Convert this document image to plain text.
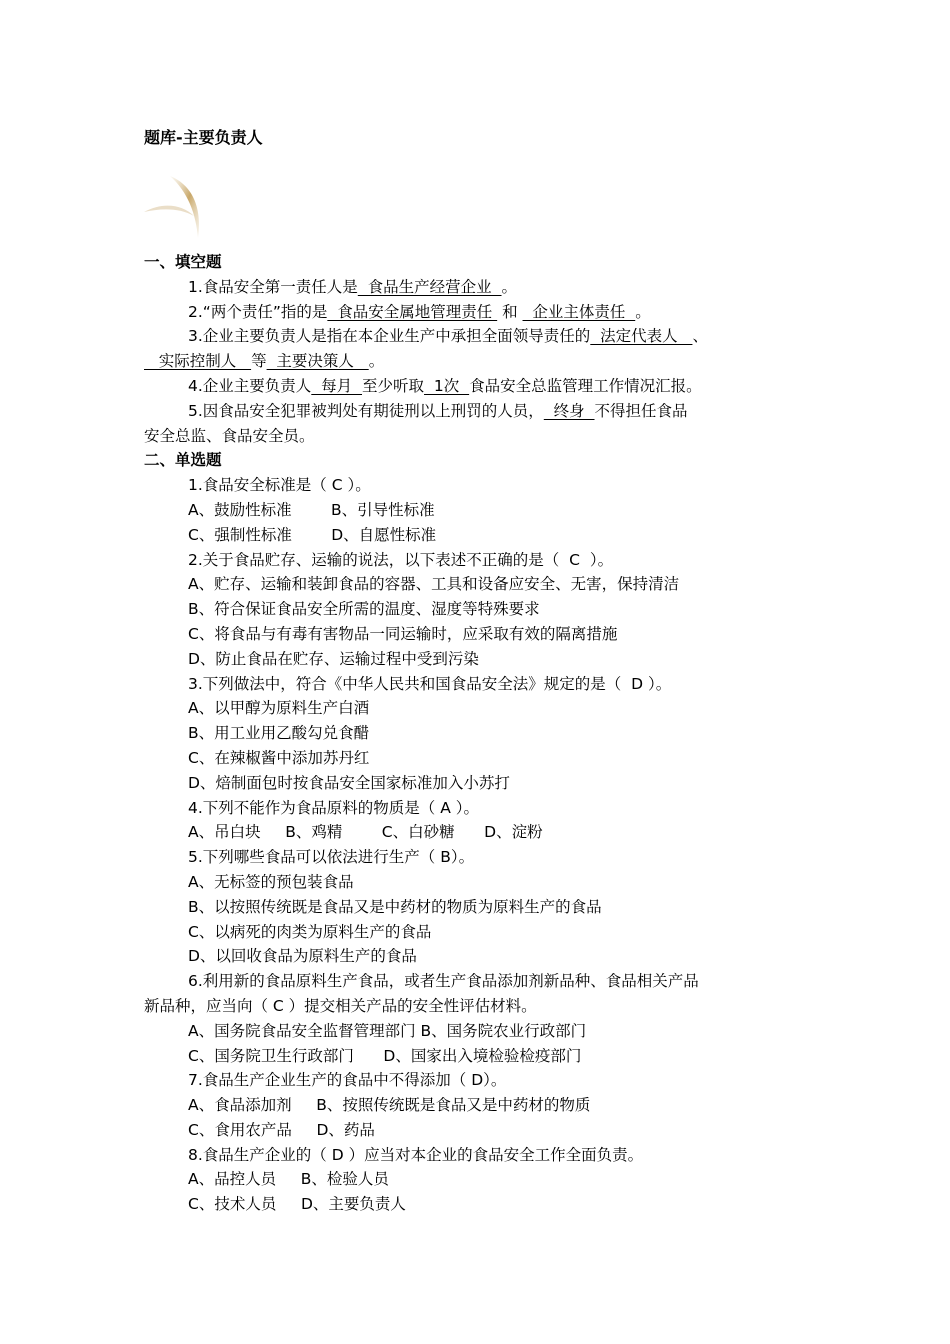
题库-主要负责人
一、填空题
1.食品安全第一责任人是  食品生产经营企业  。
2.“两个责任”指的是  食品安全属地管理责任  和   企业主体责任  。
3.企业主要负责人是指在本企业生产中承担全面领导责任的  法定代表人   、
实际控制人   等  主要决策人   。
4.企业主要负责人  每月  至少听取  1次  食品安全总监管理工作情况汇报。
5.因食品安全犯罪被判处有期徒刑以上刑罚的人员，  终身  不得担任食品
安全总监、食品安全员。
二、单选题
1.食品安全标准是（ C ）。
A、鼓励性标准        B、引导性标准
C、强制性标准        D、自愿性标准
2.关于食品贮存、运输的说法，以下表述不正确的是（  C  ）。
A、贮存、运输和装卸食品的容器、工具和设备应安全、无害，保持清洁
B、符合保证食品安全所需的温度、湿度等特殊要求
C、将食品与有毒有害物品一同运输时，应采取有效的隔离措施
D、防止食品在贮存、运输过程中受到污染
3.下列做法中，符合《中华人民共和国食品安全法》规定的是（  D ）。
A、以甲醇为原料生产白酒
B、用工业用乙酸勾兑食醋
C、在辣椒酱中添加苏丹红
D、焙制面包时按食品安全国家标准加入小苏打
4.下列不能作为食品原料的物质是（ A ）。
A、吊白块     B、鸡精        C、白砂糖      D、淀粉
5.下列哪些食品可以依法进行生产（ B）。
A、无标签的预包装食品
B、以按照传统既是食品又是中药材的物质为原料生产的食品
C、以病死的肉类为原料生产的食品
D、以回收食品为原料生产的食品
6.利用新的食品原料生产食品，或者生产食品添加剂新品种、食品相关产品
新品种，应当向（ C ）提交相关产品的安全性评估材料。
A、国务院食品安全监督管理部门 B、国务院农业行政部门
C、国务院卫生行政部门      D、国家出入境检验检疫部门
7.食品生产企业生产的食品中不得添加（ D）。
A、食品添加剂     B、按照传统既是食品又是中药材的物质
C、食用农产品     D、药品
8.食品生产企业的（ D ）应当对本企业的食品安全工作全面负责。
A、品控人员     B、检验人员
C、技术人员     D、主要负责人
